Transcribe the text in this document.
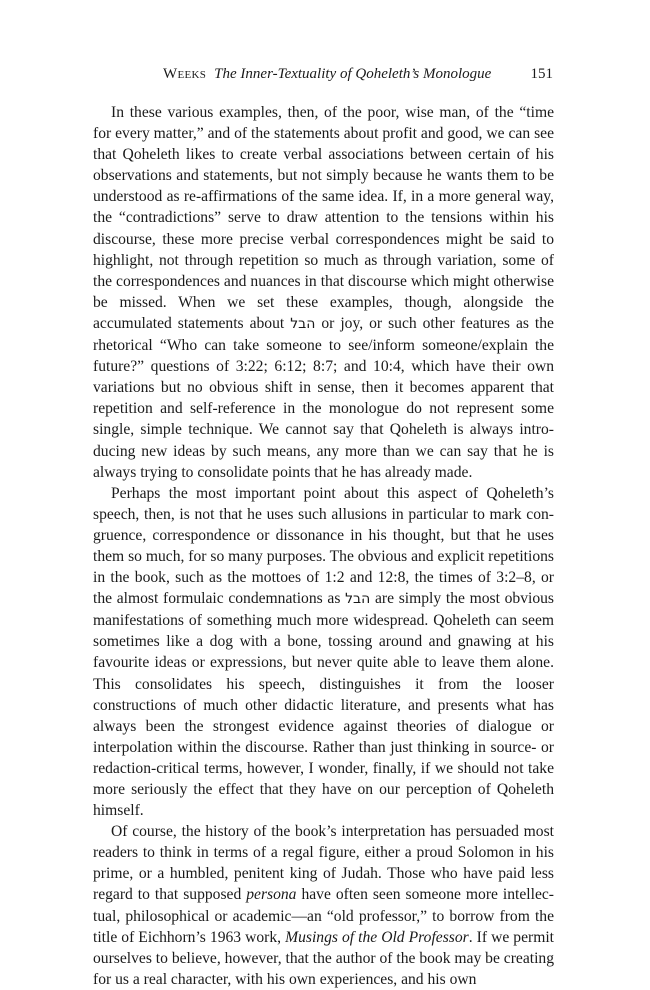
Weeks The Inner-Textuality of Qoheleth’s Monologue	151

In these various examples, then, of the poor, wise man, of the “time for every matter,” and of the statements about profit and good, we can see that Qoheleth likes to create verbal associations between certain of his observations and statements, but not simply because he wants them to be understood as re-affirmations of the same idea. If, in a more general way, the “contradictions” serve to draw attention to the tensions within his discourse, these more precise verbal correspondences might be said to highlight, not through repetition so much as through variation, some of the correspondences and nuances in that discourse which might otherwise be missed. When we set these examples, though, alongside the accumulated statements about הבל or joy, or such other features as the rhetorical “Who can take someone to see/inform someone/explain the future?” questions of 3:22; 6:12; 8:7; and 10:4, which have their own variations but no obvious shift in sense, then it becomes apparent that repetition and self-reference in the monologue do not represent some single, simple technique. We cannot say that Qoheleth is always introducing new ideas by such means, any more than we can say that he is always trying to consolidate points that he has already made.

Perhaps the most important point about this aspect of Qoheleth’s speech, then, is not that he uses such allusions in particular to mark congruence, correspondence or dissonance in his thought, but that he uses them so much, for so many purposes. The obvious and explicit repetitions in the book, such as the mottoes of 1:2 and 12:8, the times of 3:2–8, or the almost formulaic condemnations as הבל are simply the most obvious manifestations of something much more widespread. Qoheleth can seem sometimes like a dog with a bone, tossing around and gnawing at his favourite ideas or expressions, but never quite able to leave them alone. This consolidates his speech, distinguishes it from the looser constructions of much other didactic literature, and presents what has always been the strongest evidence against theories of dialogue or interpolation within the discourse. Rather than just thinking in source- or redaction-critical terms, however, I wonder, finally, if we should not take more seriously the effect that they have on our perception of Qoheleth himself.

Of course, the history of the book’s interpretation has persuaded most readers to think in terms of a regal figure, either a proud Solomon in his prime, or a humbled, penitent king of Judah. Those who have paid less regard to that supposed persona have often seen someone more intellectual, philosophical or academic—an “old professor,” to borrow from the title of Eichhorn’s 1963 work, Musings of the Old Professor. If we permit ourselves to believe, however, that the author of the book may be creating for us a real character, with his own experiences, and his own
